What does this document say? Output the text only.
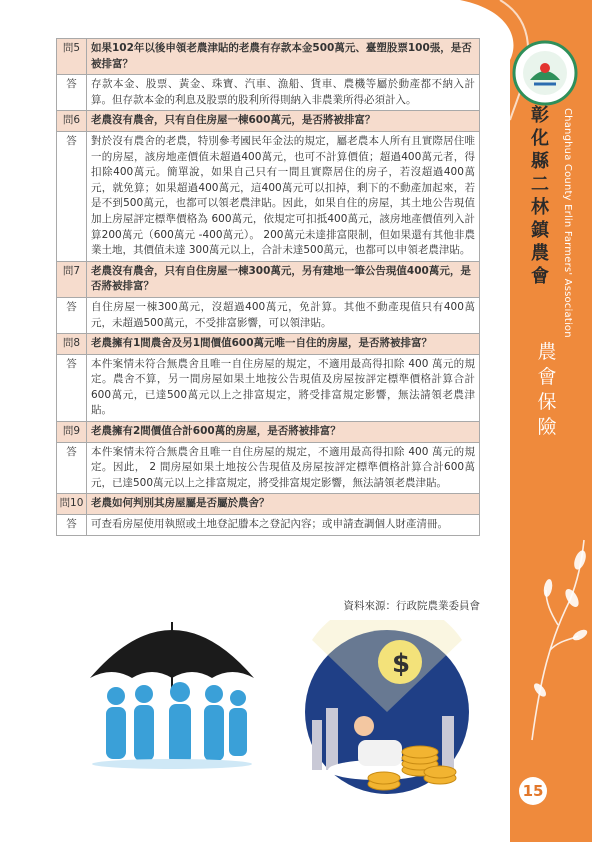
彰化縣二林鎮農會	Changhua County Erlin Farmers' Association
農會保險
15
問5	如果102年以後申領老農津貼的老農有存款本金500萬元、臺塑股票100張，是否被排富？
答	存款本金、股票、黃金、珠寶、汽車、漁船、貨車、農機等屬於動產都不納入計算。但存款本金的利息及股票的股利所得則納入非農業所得必須計入。
問6	老農沒有農舍，只有自住房屋一棟600萬元，是否將被排富？
答	對於沒有農舍的老農，特別參考國民年金法的規定，屬老農本人所有且實際居住唯一的房屋，該房地產價值未超過400萬元，也可不計算價值；超過400萬元者，得扣除400萬元。簡單說，如果自己只有一間且實際居住的房子，若沒超過400萬元，就免算；如果超過400萬元，這400萬元可以扣掉，剩下的不動產加起來，若是不到500萬元，也都可以領老農津貼。因此，如果自住的房屋，其土地公告現值加上房屋評定標準價格為 600萬元，依規定可扣抵400萬元，該房地產價值列入計算200萬元（600萬元 -400萬元）。 200萬元未達排富限制，但如果還有其他非農業土地，其價值未達 300萬元以上，合計未達500萬元，也都可以申領老農津貼。
問7	老農沒有農舍，只有自住房屋一棟300萬元，另有建地一筆公告現值400萬元，是否將被排富？
答	自住房屋一棟300萬元，沒超過400萬元，免計算。其他不動產現值只有400萬元，未超過500萬元，不受排富影響，可以領津貼。
問8	老農擁有1間農舍及另1間價值600萬元唯一自住的房屋，是否將被排富？
答	本件案情未符合無農舍且唯一自住房屋的規定，不適用最高得扣除 400 萬元的規定。農舍不算，另一間房屋如果土地按公告現值及房屋按評定標準價格計算合計600萬元，已達500萬元以上之排富規定，將受排富規定影響，無法請領老農津貼。
問9	老農擁有2間價值合計600萬的房屋，是否將被排富？
答	本件案情未符合無農舍且唯一自住房屋的規定，不適用最高得扣除 400 萬元的規定。因此， 2 間房屋如果土地按公告現值及房屋按評定標準價格計算合計600萬元，已達500萬元以上之排富規定，將受排富規定影響，無法請領老農津貼。
問10	老農如何判別其房屋屬是否屬於農舍？
答	可查看房屋使用執照或土地登記謄本之登記內容；或申請查調個人財產清冊。
資料來源：行政院農業委員會
$
